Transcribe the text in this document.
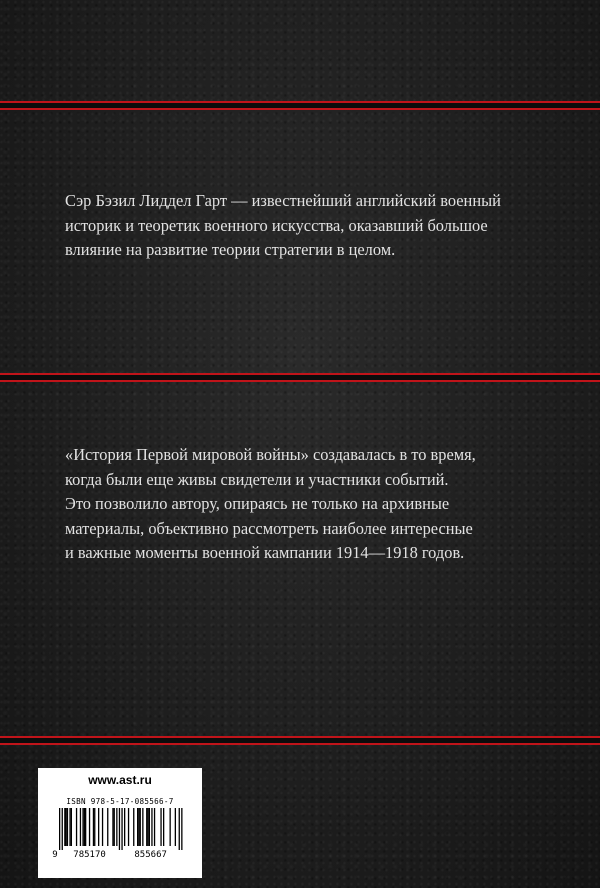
Сэр Бэзил Лиддел Гарт — известнейший английский военный
историк и теоретик военного искусства, оказавший большое
влияние на развитие теории стратегии в целом.

«История Первой мировой войны» создавалась в то время,
когда были еще живы свидетели и участники событий.
Это позволило автору, опираясь не только на архивные
материалы, объективно рассмотреть наиболее интересные
и важные моменты военной кампании 1914—1918 годов.

www.ast.ru
ISBN 978-5-17-085566-7
9 785170	855667
